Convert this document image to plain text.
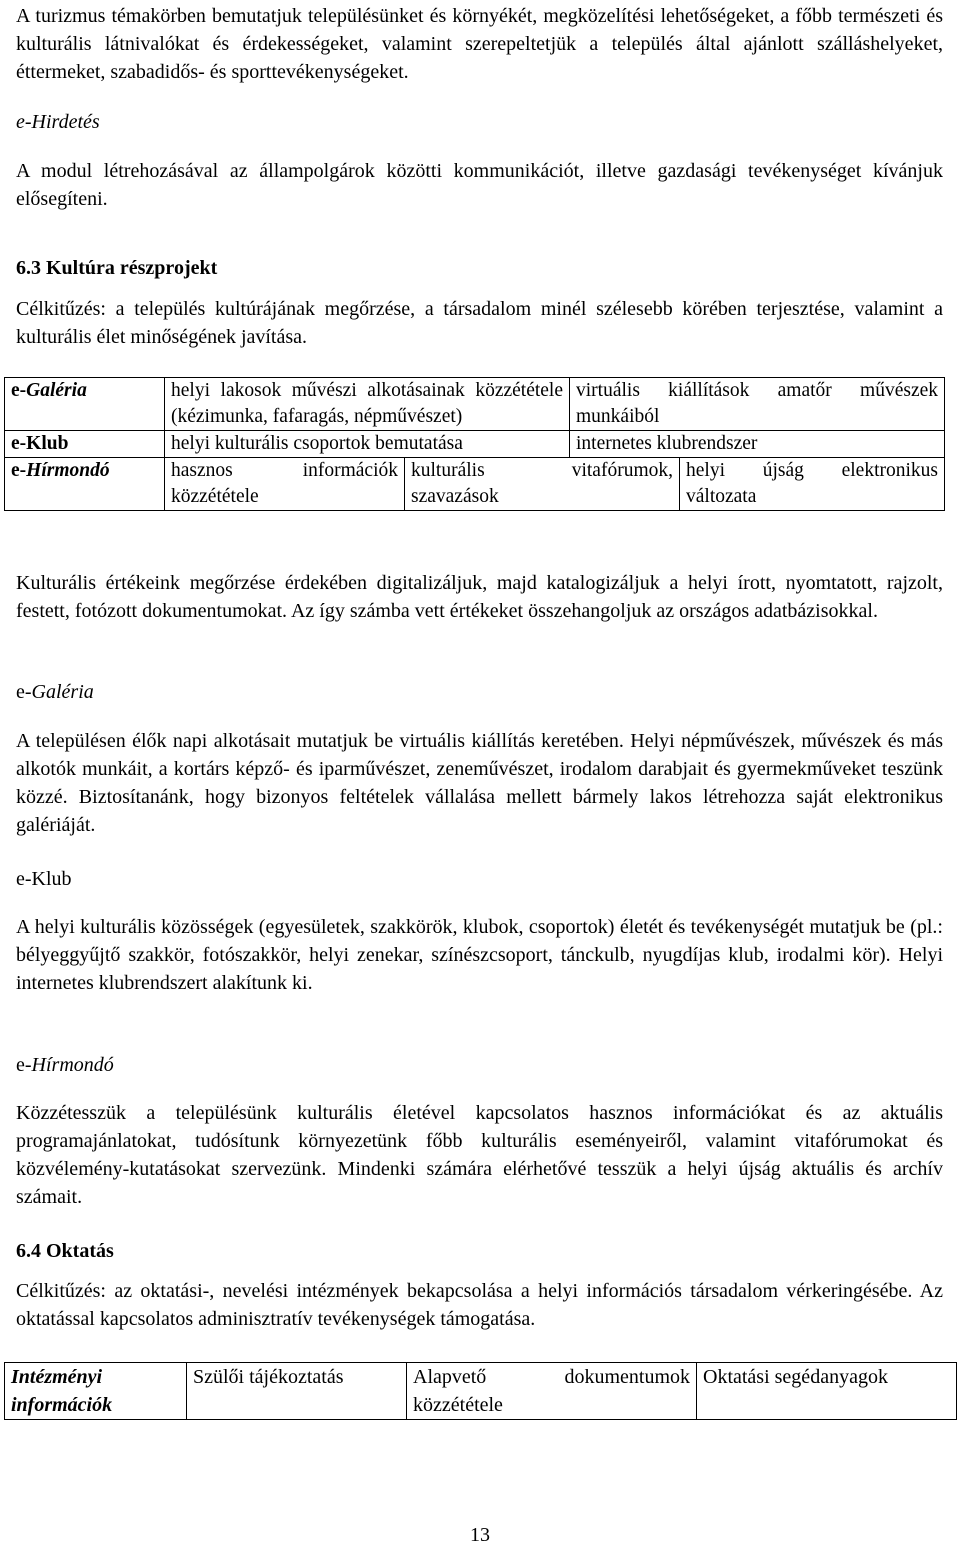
A turizmus témakörben bemutatjuk településünket és környékét, megközelítési lehetőségeket, a főbb természeti és kulturális látnivalókat és érdekességeket, valamint szerepeltetjük a település által ajánlott szálláshelyeket, éttermeket, szabadidős- és sporttevékenységeket.

e-Hirdetés

A modul létrehozásával az állampolgárok közötti kommunikációt, illetve gazdasági tevékenységet kívánjuk elősegíteni.

6.3 Kultúra részprojekt

Célkitűzés: a település kultúrájának megőrzése, a társadalom minél szélesebb körében terjesztése, valamint a kulturális élet minőségének javítása.

e-Galéria	helyi lakosok művészi alkotásainak közzététele (kézimunka, fafaragás, népművészet)		virtuális kiállítások amatőr művészek munkáiból	
e-Klub	helyi kulturális csoportok bemutatása		internetes klubrendszer	
e-Hírmondó	hasznos információk közzététele	kulturális vitafórumok, szavazások		helyi újság elektronikus változata

Kulturális értékeink megőrzése érdekében digitalizáljuk, majd katalogizáljuk a helyi írott, nyomtatott, rajzolt, festett, fotózott dokumentumokat. Az így számba vett értékeket összehangoljuk az országos adatbázisokkal.

e-Galéria

A településen élők napi alkotásait mutatjuk be virtuális kiállítás keretében. Helyi népművészek, művészek és más alkotók munkáit, a kortárs képző- és iparművészet, zeneművészet, irodalom darabjait és gyermekműveket teszünk közzé. Biztosítanánk, hogy bizonyos feltételek vállalása mellett bármely lakos létrehozza saját elektronikus galériáját.

e-Klub

A helyi kulturális közösségek (egyesületek, szakkörök, klubok, csoportok) életét és tevékenységét mutatjuk be (pl.: bélyeggyűjtő szakkör, fotószakkör, helyi zenekar, színészcsoport, tánckulb, nyugdíjas klub, irodalmi kör). Helyi internetes klubrendszert alakítunk ki.

e-Hírmondó

Közzétesszük a településünk kulturális életével kapcsolatos hasznos információkat és az aktuális programajánlatokat, tudósítunk környezetünk főbb kulturális eseményeiről, valamint vitafórumokat és közvélemény-kutatásokat szervezünk. Mindenki számára elérhetővé tesszük a helyi újság aktuális és archív számait.

6.4 Oktatás

Célkitűzés: az oktatási-, nevelési intézmények bekapcsolása a helyi információs társadalom vérkeringésébe. Az oktatással kapcsolatos adminisztratív tevékenységek támogatása.

Intézményi információk	Szülői tájékoztatás	Alapvető dokumentumok közzététele	Oktatási segédanyagok
13
